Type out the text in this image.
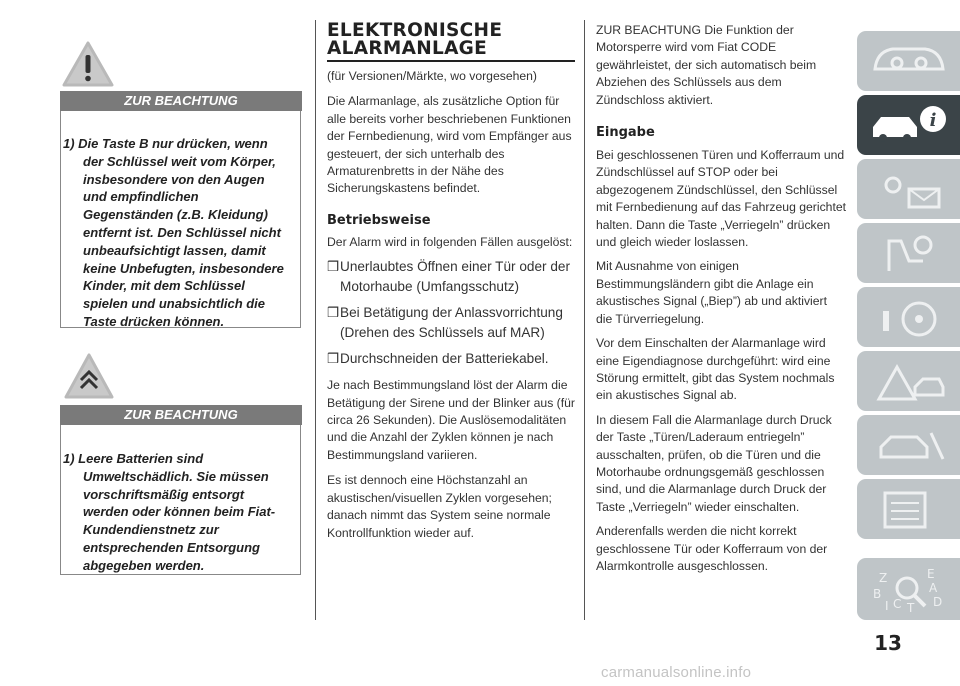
ZUR BEACHTUNG

1) Die Taste B nur drücken, wenn der Schlüssel weit vom Körper, insbesondere von den Augen und empfindlichen Gegenständen (z.B. Kleidung) entfernt ist. Den Schlüssel nicht unbeaufsichtigt lassen, damit keine Unbefugten, insbesondere Kinder, mit dem Schlüssel spielen und unabsichtlich die Taste drücken können.

ZUR BEACHTUNG

1) Leere Batterien sind Umweltschädlich. Sie müssen vorschriftsmäßig entsorgt werden oder können beim Fiat-Kundendienstnetz zur entsprechenden Entsorgung abgegeben werden.

ELEKTRONISCHE
ALARMANLAGE

(für Versionen/Märkte, wo vorgesehen)

Die Alarmanlage, als zusätzliche Option für alle bereits vorher beschriebenen Funktionen der Fernbedienung, wird vom Empfänger aus gesteuert, der sich unterhalb des Armaturenbretts in der Nähe des Sicherungskastens befindet.

Betriebsweise

Der Alarm wird in folgenden Fällen ausgelöst:

❒Unerlaubtes Öffnen einer Tür oder der Motorhaube (Umfangsschutz)

❒Bei Betätigung der Anlassvorrichtung (Drehen des Schlüssels auf MAR)

❒Durchschneiden der Batteriekabel.

Je nach Bestimmungsland löst der Alarm die Betätigung der Sirene und der Blinker aus (für circa 26 Sekunden). Die Auslösemodalitäten und die Anzahl der Zyklen können je nach Bestimmungsland variieren.

Es ist dennoch eine Höchstanzahl an akustischen/visuellen Zyklen vorgesehen; danach nimmt das System seine normale Kontrollfunktion wieder auf.

ZUR BEACHTUNG Die Funktion der Motorsperre wird vom Fiat CODE gewährleistet, der sich automatisch beim Abziehen des Schlüssels aus dem Zündschloss aktiviert.

Eingabe

Bei geschlossenen Türen und Kofferraum und Zündschlüssel auf STOP oder bei abgezogenem Zündschlüssel, den Schlüssel mit Fernbedienung auf das Fahrzeug gerichtet halten. Dann die Taste „Verriegeln” drücken und gleich wieder loslassen.

Mit Ausnahme von einigen Bestimmungsländern gibt die Anlage ein akustisches Signal („Biep”) ab und aktiviert die Türverriegelung.

Vor dem Einschalten der Alarmanlage wird eine Eigendiagnose durchgeführt: wird eine Störung ermittelt, gibt das System nochmals ein akustisches Signal ab.

In diesem Fall die Alarmanlage durch Druck der Taste „Türen/Laderaum entriegeln” ausschalten, prüfen, ob die Türen und die Motorhaube ordnungsgemäß geschlossen sind, und die Alarmanlage durch Druck der Taste „Verriegeln” wieder einschalten.

Anderenfalls werden die nicht korrekt geschlossene Tür oder Kofferraum von der Alarmkontrolle ausgeschlossen.

i
Z	E
B
I C T D
A
13
carmanualsonline.info
